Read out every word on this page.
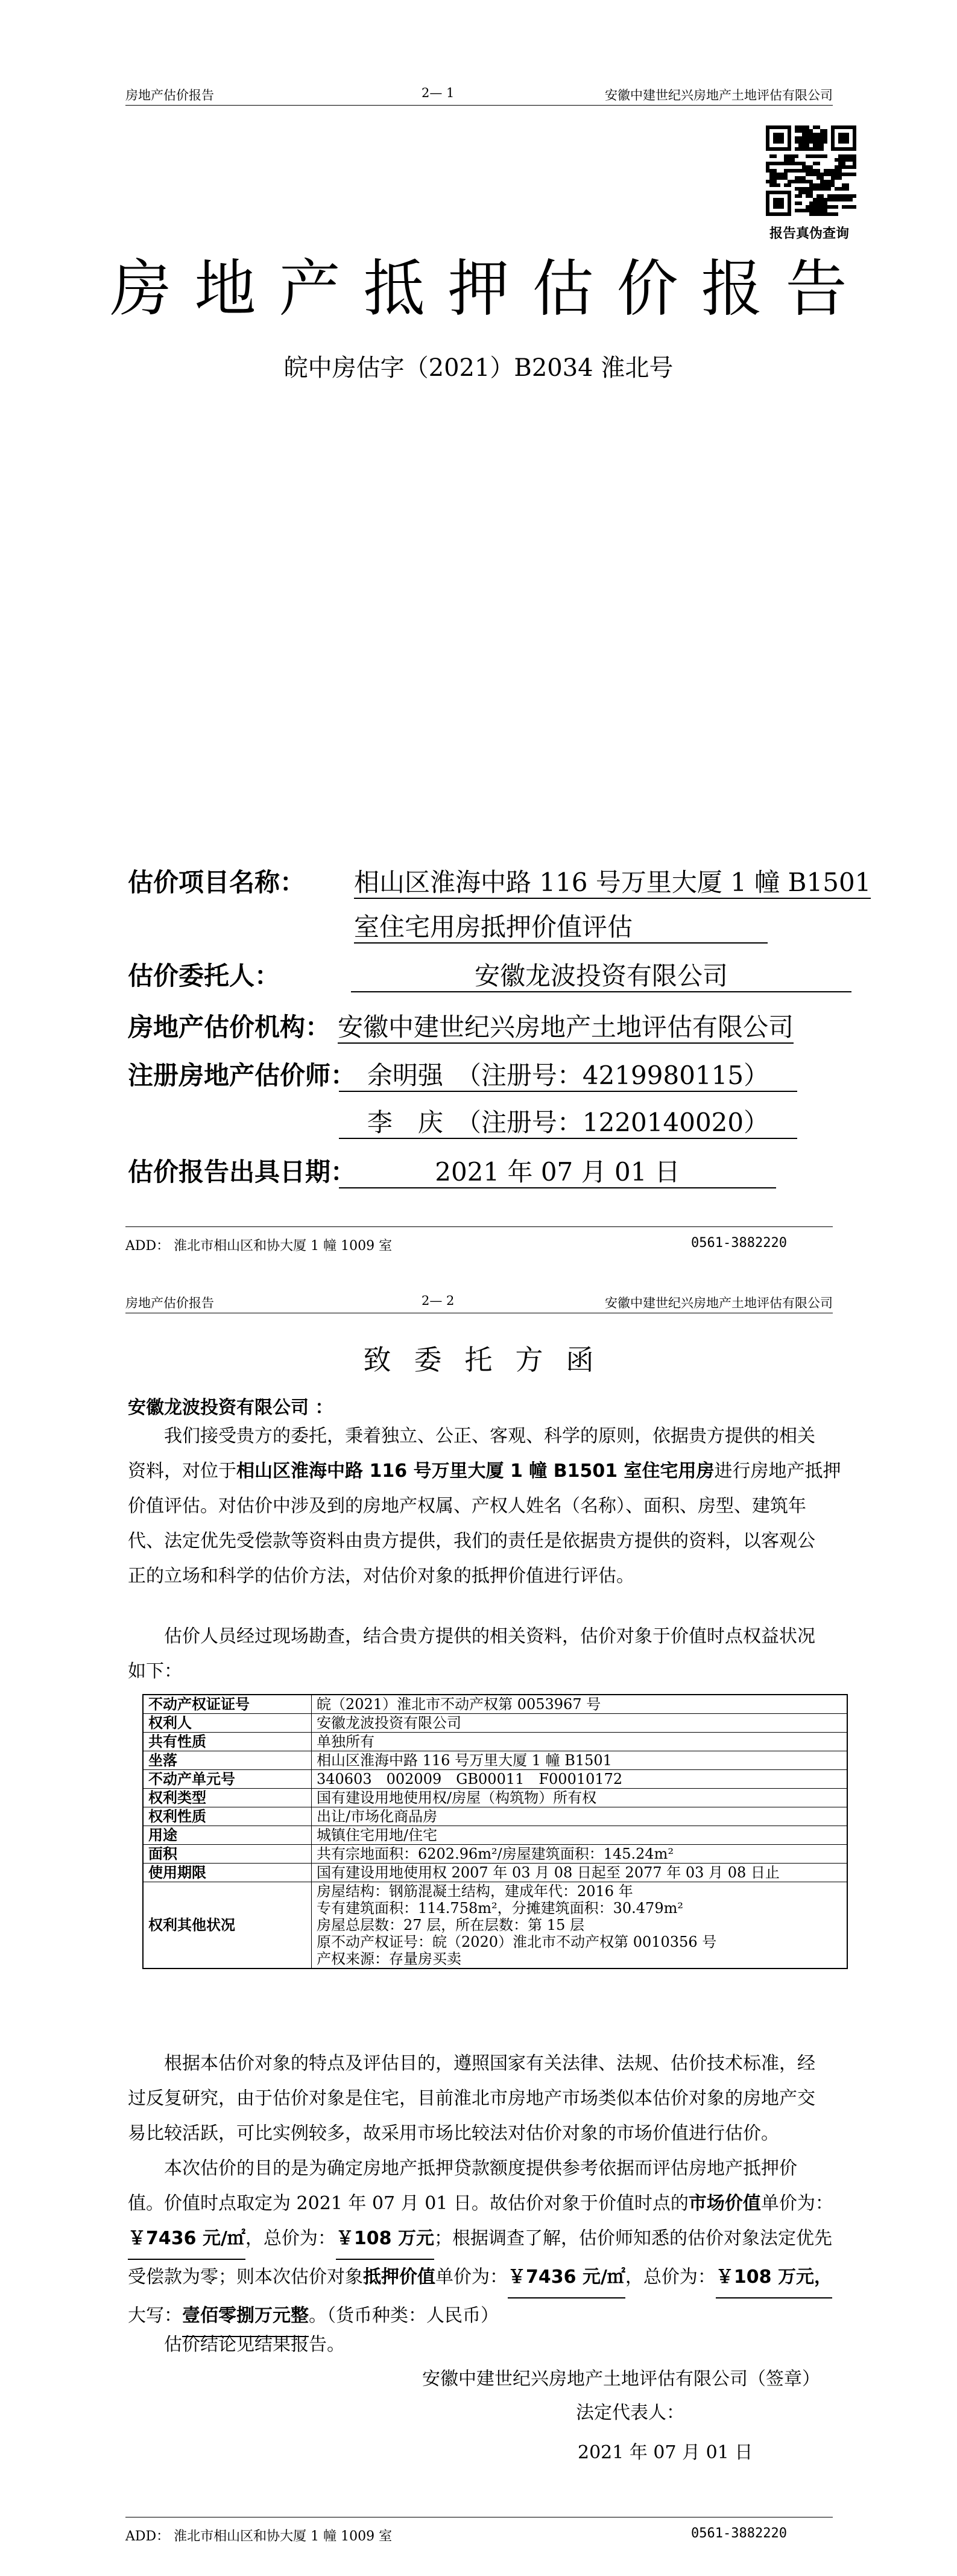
房地产估价报告	2— 1	安徽中建世纪兴房地产土地评估有限公司
报告真伪查询
房地产抵押估价报告
皖中房估字（2021）B2034 淮北号
估价项目名称： 相山区淮海中路 116 号万里大厦 1 幢 B1501
室住宅用房抵押价值评估
估价委托人：	安徽龙波投资有限公司
房地产估价机构： 安徽中建世纪兴房地产土地评估有限公司
注册房地产估价师： 余明强　（注册号：4219980115）
李　庆　（注册号：1220140020）
估价报告出具日期：	2021 年 07 月 01 日
ADD： 淮北市相山区和协大厦 1 幢 1009 室	0561-3882220
房地产估价报告	2— 2	安徽中建世纪兴房地产土地评估有限公司
致委托方函
安徽龙波投资有限公司 ：
　　我们接受贵方的委托，秉着独立、公正、客观、科学的原则，依据贵方提供的相关
资料，对位于相山区淮海中路 116 号万里大厦 1 幢 B1501 室住宅用房进行房地产抵押
价值评估。对估价中涉及到的房地产权属、产权人姓名（名称）、面积、房型、建筑年
代、法定优先受偿款等资料由贵方提供，我们的责任是依据贵方提供的资料，以客观公
正的立场和科学的估价方法，对估价对象的抵押价值进行评估。
　　估价人员经过现场勘查，结合贵方提供的相关资料，估价对象于价值时点权益状况
如下：
不动产权证证号	皖（2021）淮北市不动产权第 0053967 号

权利人	安徽龙波投资有限公司

共有性质	单独所有

坐落	相山区淮海中路 116 号万里大厦 1 幢 B1501

不动产单元号	340603　002009　GB00011　F00010172

权利类型	国有建设用地使用权/房屋（构筑物）所有权

权利性质	出让/市场化商品房

用途	城镇住宅用地/住宅

面积	共有宗地面积：6202.96m²/房屋建筑面积：145.24m²

使用期限	国有建设用地使用权 2007 年 03 月 08 日起至 2077 年 03 月 08 日止

权利其他状况	房屋结构：钢筋混凝土结构，建成年代：2016 年
专有建筑面积：114.758m²，分摊建筑面积：30.479m²
房屋总层数：27 层，所在层数：第 15 层
原不动产权证号：皖（2020）淮北市不动产权第 0010356 号
产权来源：存量房买卖
　　根据本估价对象的特点及评估目的，遵照国家有关法律、法规、估价技术标准，经
过反复研究，由于估价对象是住宅，目前淮北市房地产市场类似本估价对象的房地产交
易比较活跃，可比实例较多，故采用市场比较法对估价对象的市场价值进行估价。
　　本次估价的目的是为确定房地产抵押贷款额度提供参考依据而评估房地产抵押价
值。价值时点取定为 2021 年 07 月 01 日。故估价对象于价值时点的市场价值单价为：
￥7436 元/㎡，总价为：￥108 万元；根据调查了解，估价师知悉的估价对象法定优先
受偿款为零；则本次估价对象抵押价值单价为：￥7436 元/㎡，总价为：￥108 万元，
大写：壹佰零捌万元整。（货币种类：人民币）
　　估价结论见结果报告。
安徽中建世纪兴房地产土地评估有限公司（签章）
法定代表人：
2021 年 07 月 01 日
ADD： 淮北市相山区和协大厦 1 幢 1009 室	0561-3882220
